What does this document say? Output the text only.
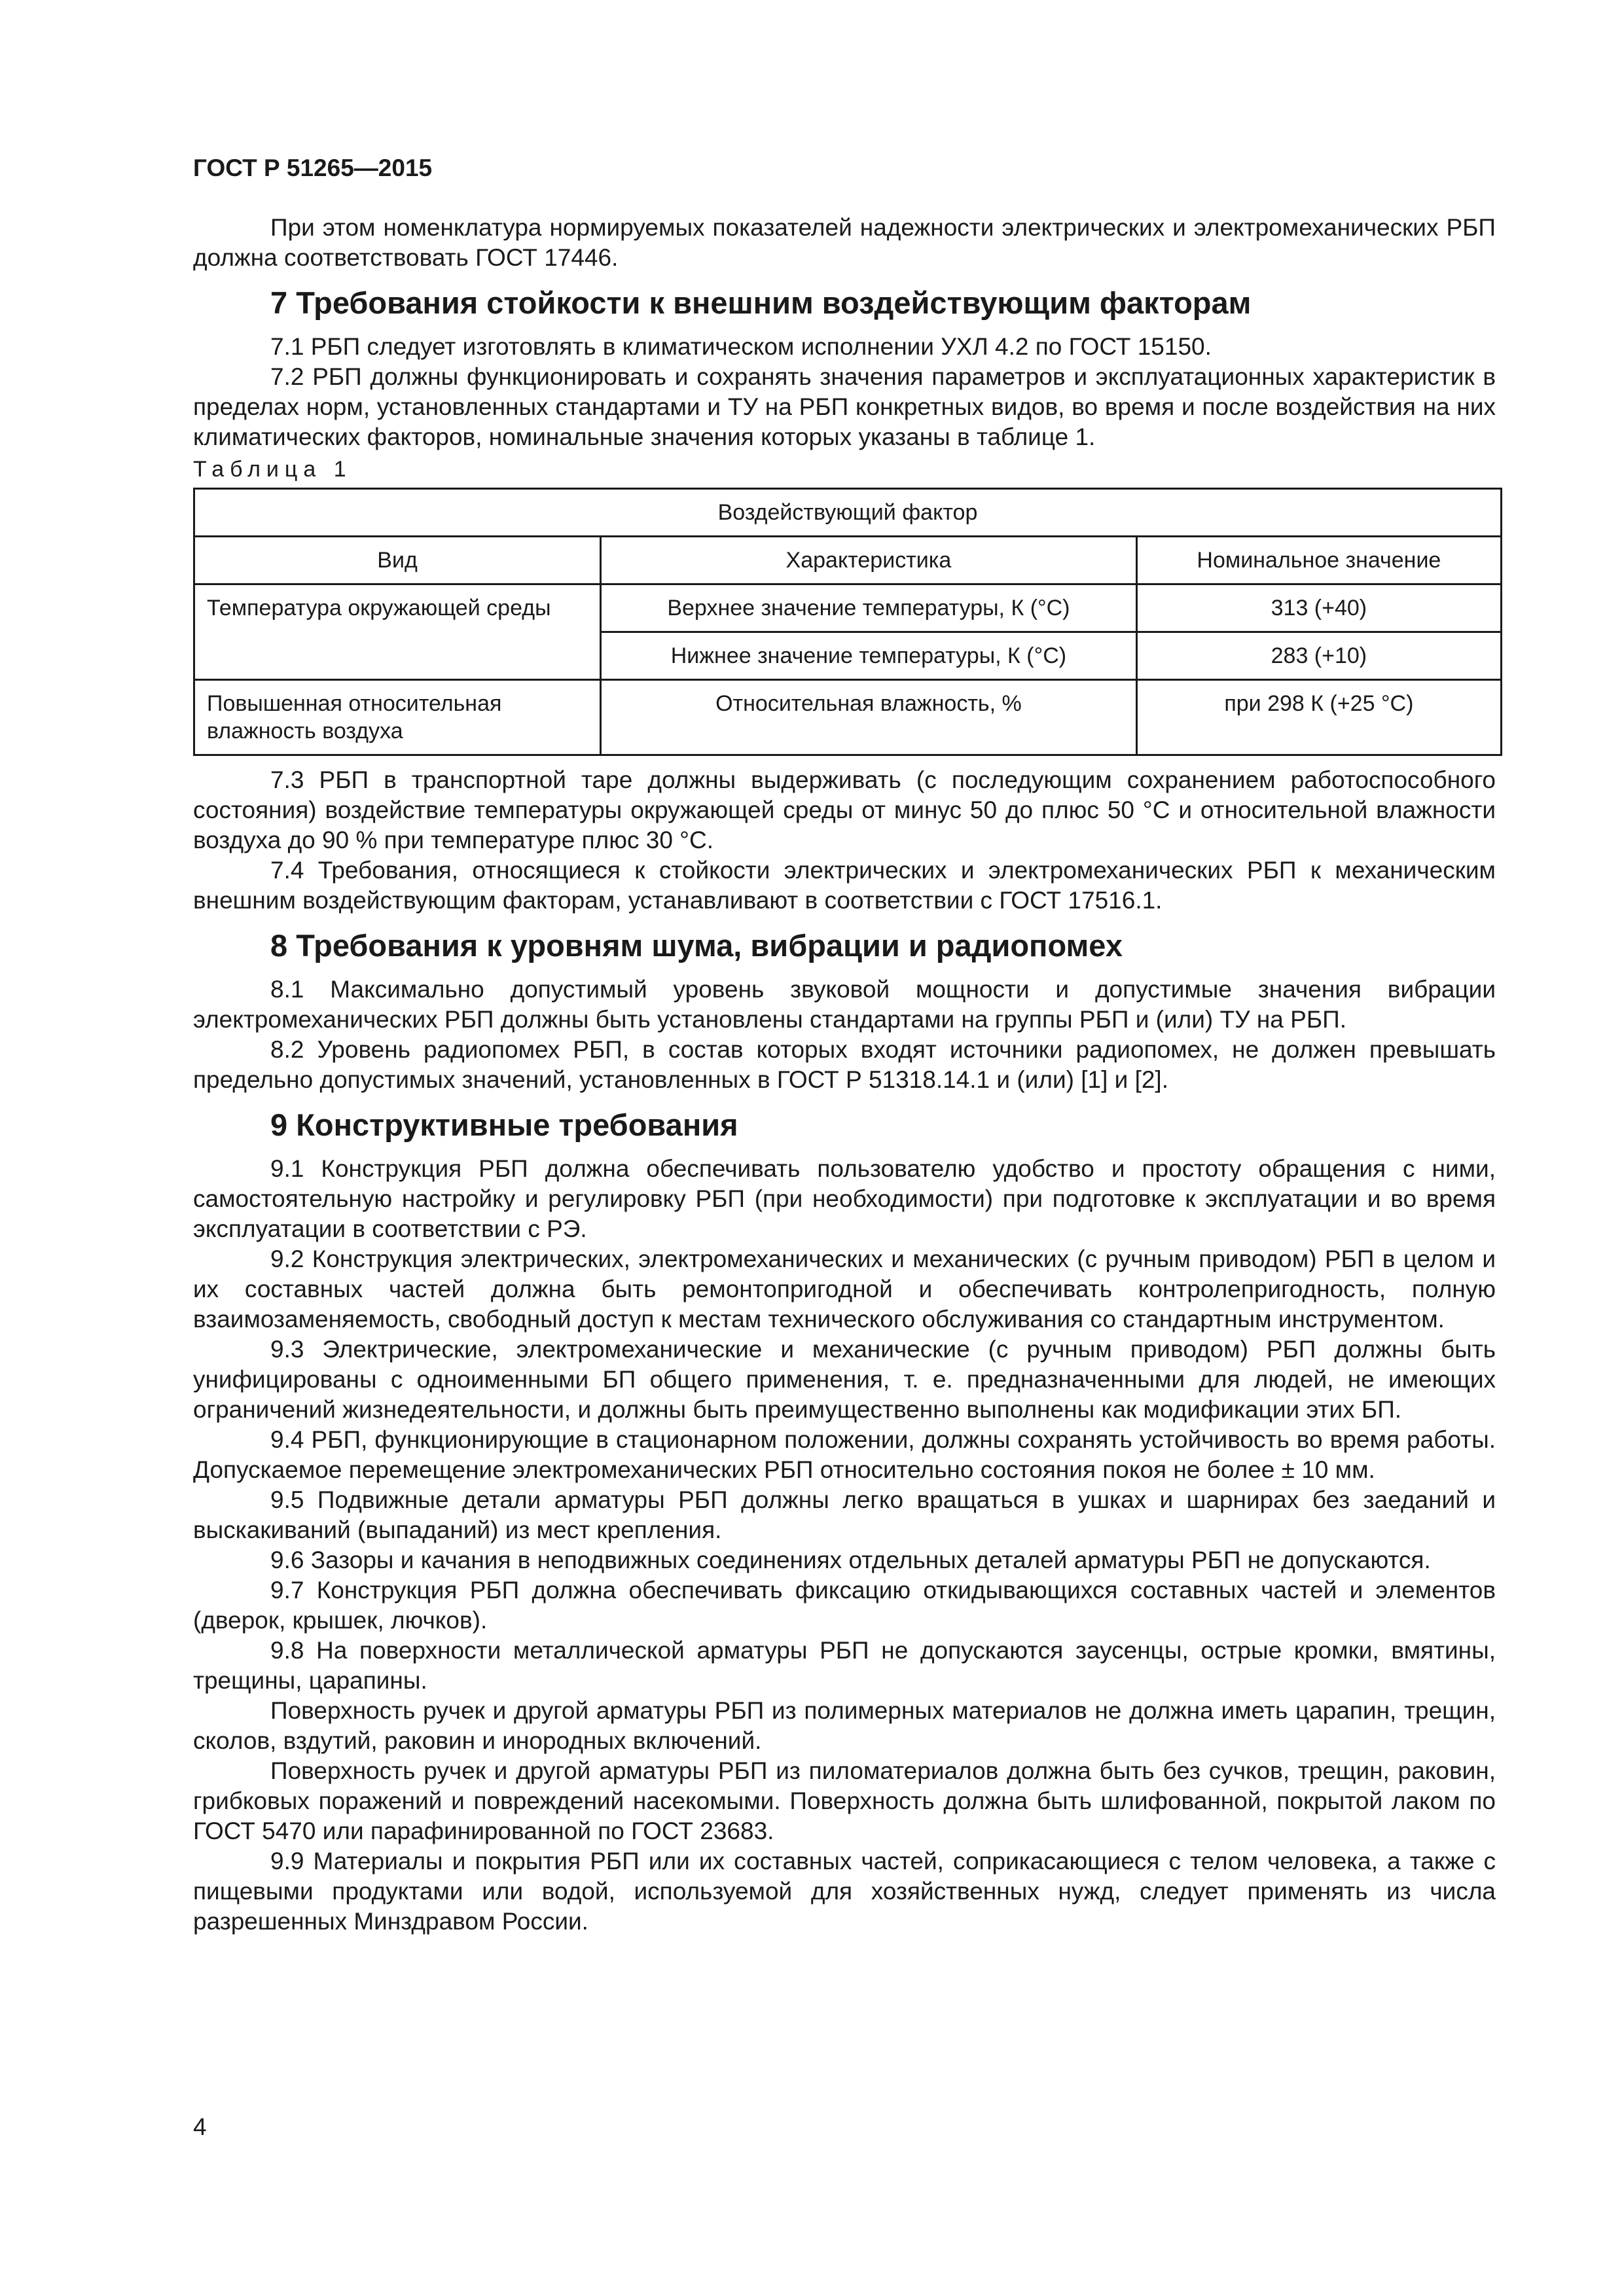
ГОСТ Р 51265—2015

При этом номенклатура нормируемых показателей надежности электрических и электромеханических РБП должна соответствовать ГОСТ 17446.

7 Требования стойкости к внешним воздействующим факторам

7.1 РБП следует изготовлять в климатическом исполнении УХЛ 4.2 по ГОСТ 15150.

7.2 РБП должны функционировать и сохранять значения параметров и эксплуатационных характеристик в пределах норм, установленных стандартами и ТУ на РБП конкретных видов, во время и после воздействия на них климатических факторов, номинальные значения которых указаны в таблице 1.

Таблица 1
Воздействующий фактор		
Вид	Характеристика	Номинальное значение
Температура окружающей среды	Верхнее значение температуры, К (°С)	313 (+40)
	Нижнее значение температуры, К (°С)	283 (+10)
Повышенная относительная влажность воздуха	Относительная влажность, %	при 298 К (+25 °С)

7.3 РБП в транспортной таре должны выдерживать (с последующим сохранением работоспособного состояния) воздействие температуры окружающей среды от минус 50 до плюс 50 °С и относительной влажности воздуха до 90 % при температуре плюс 30 °С.

7.4 Требования, относящиеся к стойкости электрических и электромеханических РБП к механическим внешним воздействующим факторам, устанавливают в соответствии с ГОСТ 17516.1.

8 Требования к уровням шума, вибрации и радиопомех

8.1 Максимально допустимый уровень звуковой мощности и допустимые значения вибрации электромеханических РБП должны быть установлены стандартами на группы РБП и (или) ТУ на РБП.

8.2 Уровень радиопомех РБП, в состав которых входят источники радиопомех, не должен превышать предельно допустимых значений, установленных в ГОСТ Р 51318.14.1 и (или) [1] и [2].

9 Конструктивные требования

9.1 Конструкция РБП должна обеспечивать пользователю удобство и простоту обращения с ними, самостоятельную настройку и регулировку РБП (при необходимости) при подготовке к эксплуатации и во время эксплуатации в соответствии с РЭ.

9.2 Конструкция электрических, электромеханических и механических (с ручным приводом) РБП в целом и их составных частей должна быть ремонтопригодной и обеспечивать контролепригодность, полную взаимозаменяемость, свободный доступ к местам технического обслуживания со стандартным инструментом.

9.3 Электрические, электромеханические и механические (с ручным приводом) РБП должны быть унифицированы с одноименными БП общего применения, т. е. предназначенными для людей, не имеющих ограничений жизнедеятельности, и должны быть преимущественно выполнены как модификации этих БП.

9.4 РБП, функционирующие в стационарном положении, должны сохранять устойчивость во время работы. Допускаемое перемещение электромеханических РБП относительно состояния покоя не более ± 10 мм.

9.5 Подвижные детали арматуры РБП должны легко вращаться в ушках и шарнирах без заеданий и выскакиваний (выпаданий) из мест крепления.

9.6 Зазоры и качания в неподвижных соединениях отдельных деталей арматуры РБП не допускаются.

9.7 Конструкция РБП должна обеспечивать фиксацию откидывающихся составных частей и элементов (дверок, крышек, лючков).

9.8 На поверхности металлической арматуры РБП не допускаются заусенцы, острые кромки, вмятины, трещины, царапины.

Поверхность ручек и другой арматуры РБП из полимерных материалов не должна иметь царапин, трещин, сколов, вздутий, раковин и инородных включений.

Поверхность ручек и другой арматуры РБП из пиломатериалов должна быть без сучков, трещин, раковин, грибковых поражений и повреждений насекомыми. Поверхность должна быть шлифованной, покрытой лаком по ГОСТ 5470 или парафинированной по ГОСТ 23683.

9.9 Материалы и покрытия РБП или их составных частей, соприкасающиеся с телом человека, а также с пищевыми продуктами или водой, используемой для хозяйственных нужд, следует применять из числа разрешенных Минздравом России.

4
